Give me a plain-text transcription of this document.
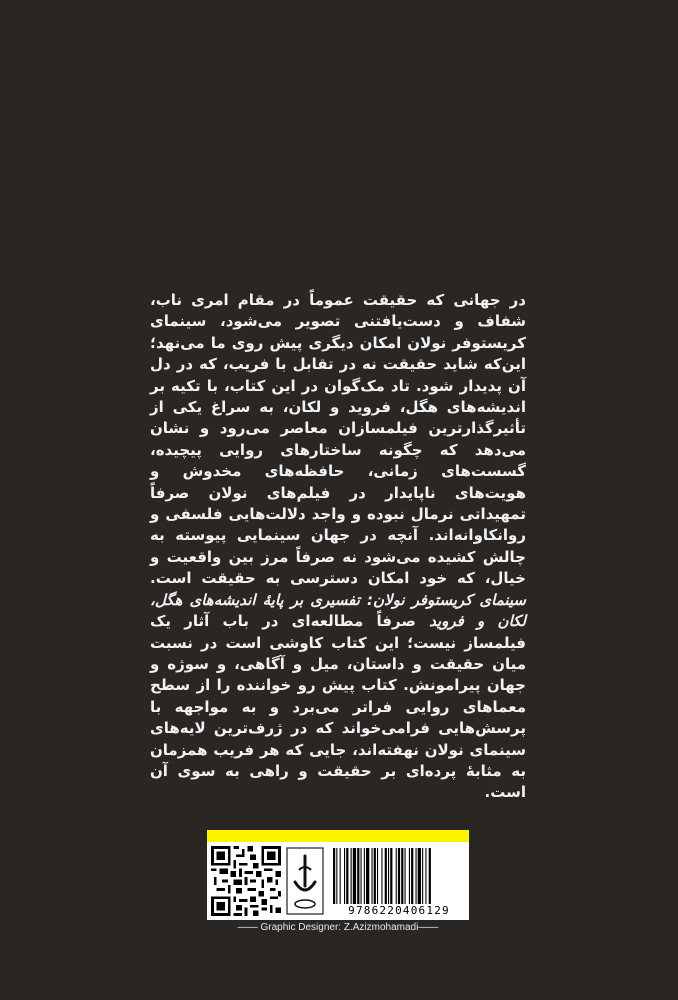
در جهانی که حقیقت عموماً در مقام امری ناب، شفاف و دست‌یافتنی تصویر می‌شود، سینمای کریستوفر نولان امکان دیگری پیش روی ما می‌نهد؛ این‌که شاید حقیقت نه در تقابل با فریب، که در دل آن پدیدار شود. تاد مک‌گوان در این کتاب، با تکیه بر اندیشه‌های هگل، فروید و لکان، به سراغ یکی از تأثیرگذارترین فیلمسازان معاصر می‌رود و نشان می‌دهد که چگونه ساختارهای روایی پیچیده، گسست‌های زمانی، حافظه‌های مخدوش و هویت‌های ناپایدار در فیلم‌های نولان صرفاً تمهیداتی نرمال نبوده و واجد دلالت‌هایی فلسفی و روانکاوانه‌اند. آنچه در جهان سینمایی پیوسته به چالش کشیده می‌شود نه صرفاً مرز بین واقعیت و خیال، که خود امکان دسترسی به حقیقت است. سینمای کریستوفر نولان: تفسیری بر پایهٔ اندیشه‌های هگل، لکان و فروید صرفاً مطالعه‌ای در باب آثار یک فیلمساز نیست؛ این کتاب کاوشی است در نسبت میان حقیقت و داستان، میل و آگاهی، و سوژه و جهان پیرامونش. کتاب پیش رو خواننده را از سطح معماهای روایی فراتر می‌برد و به مواجهه با پرسش‌هایی فرامی‌خواند که در ژرف‌ترین لایه‌های سینمای نولان نهفته‌اند، جایی که هر فریب همزمان به مثابهٔ پرده‌ای بر حقیقت و راهی به سوی آن است.
9786220406129
—— Graphic Designer: Z.Azizmohamadi——
